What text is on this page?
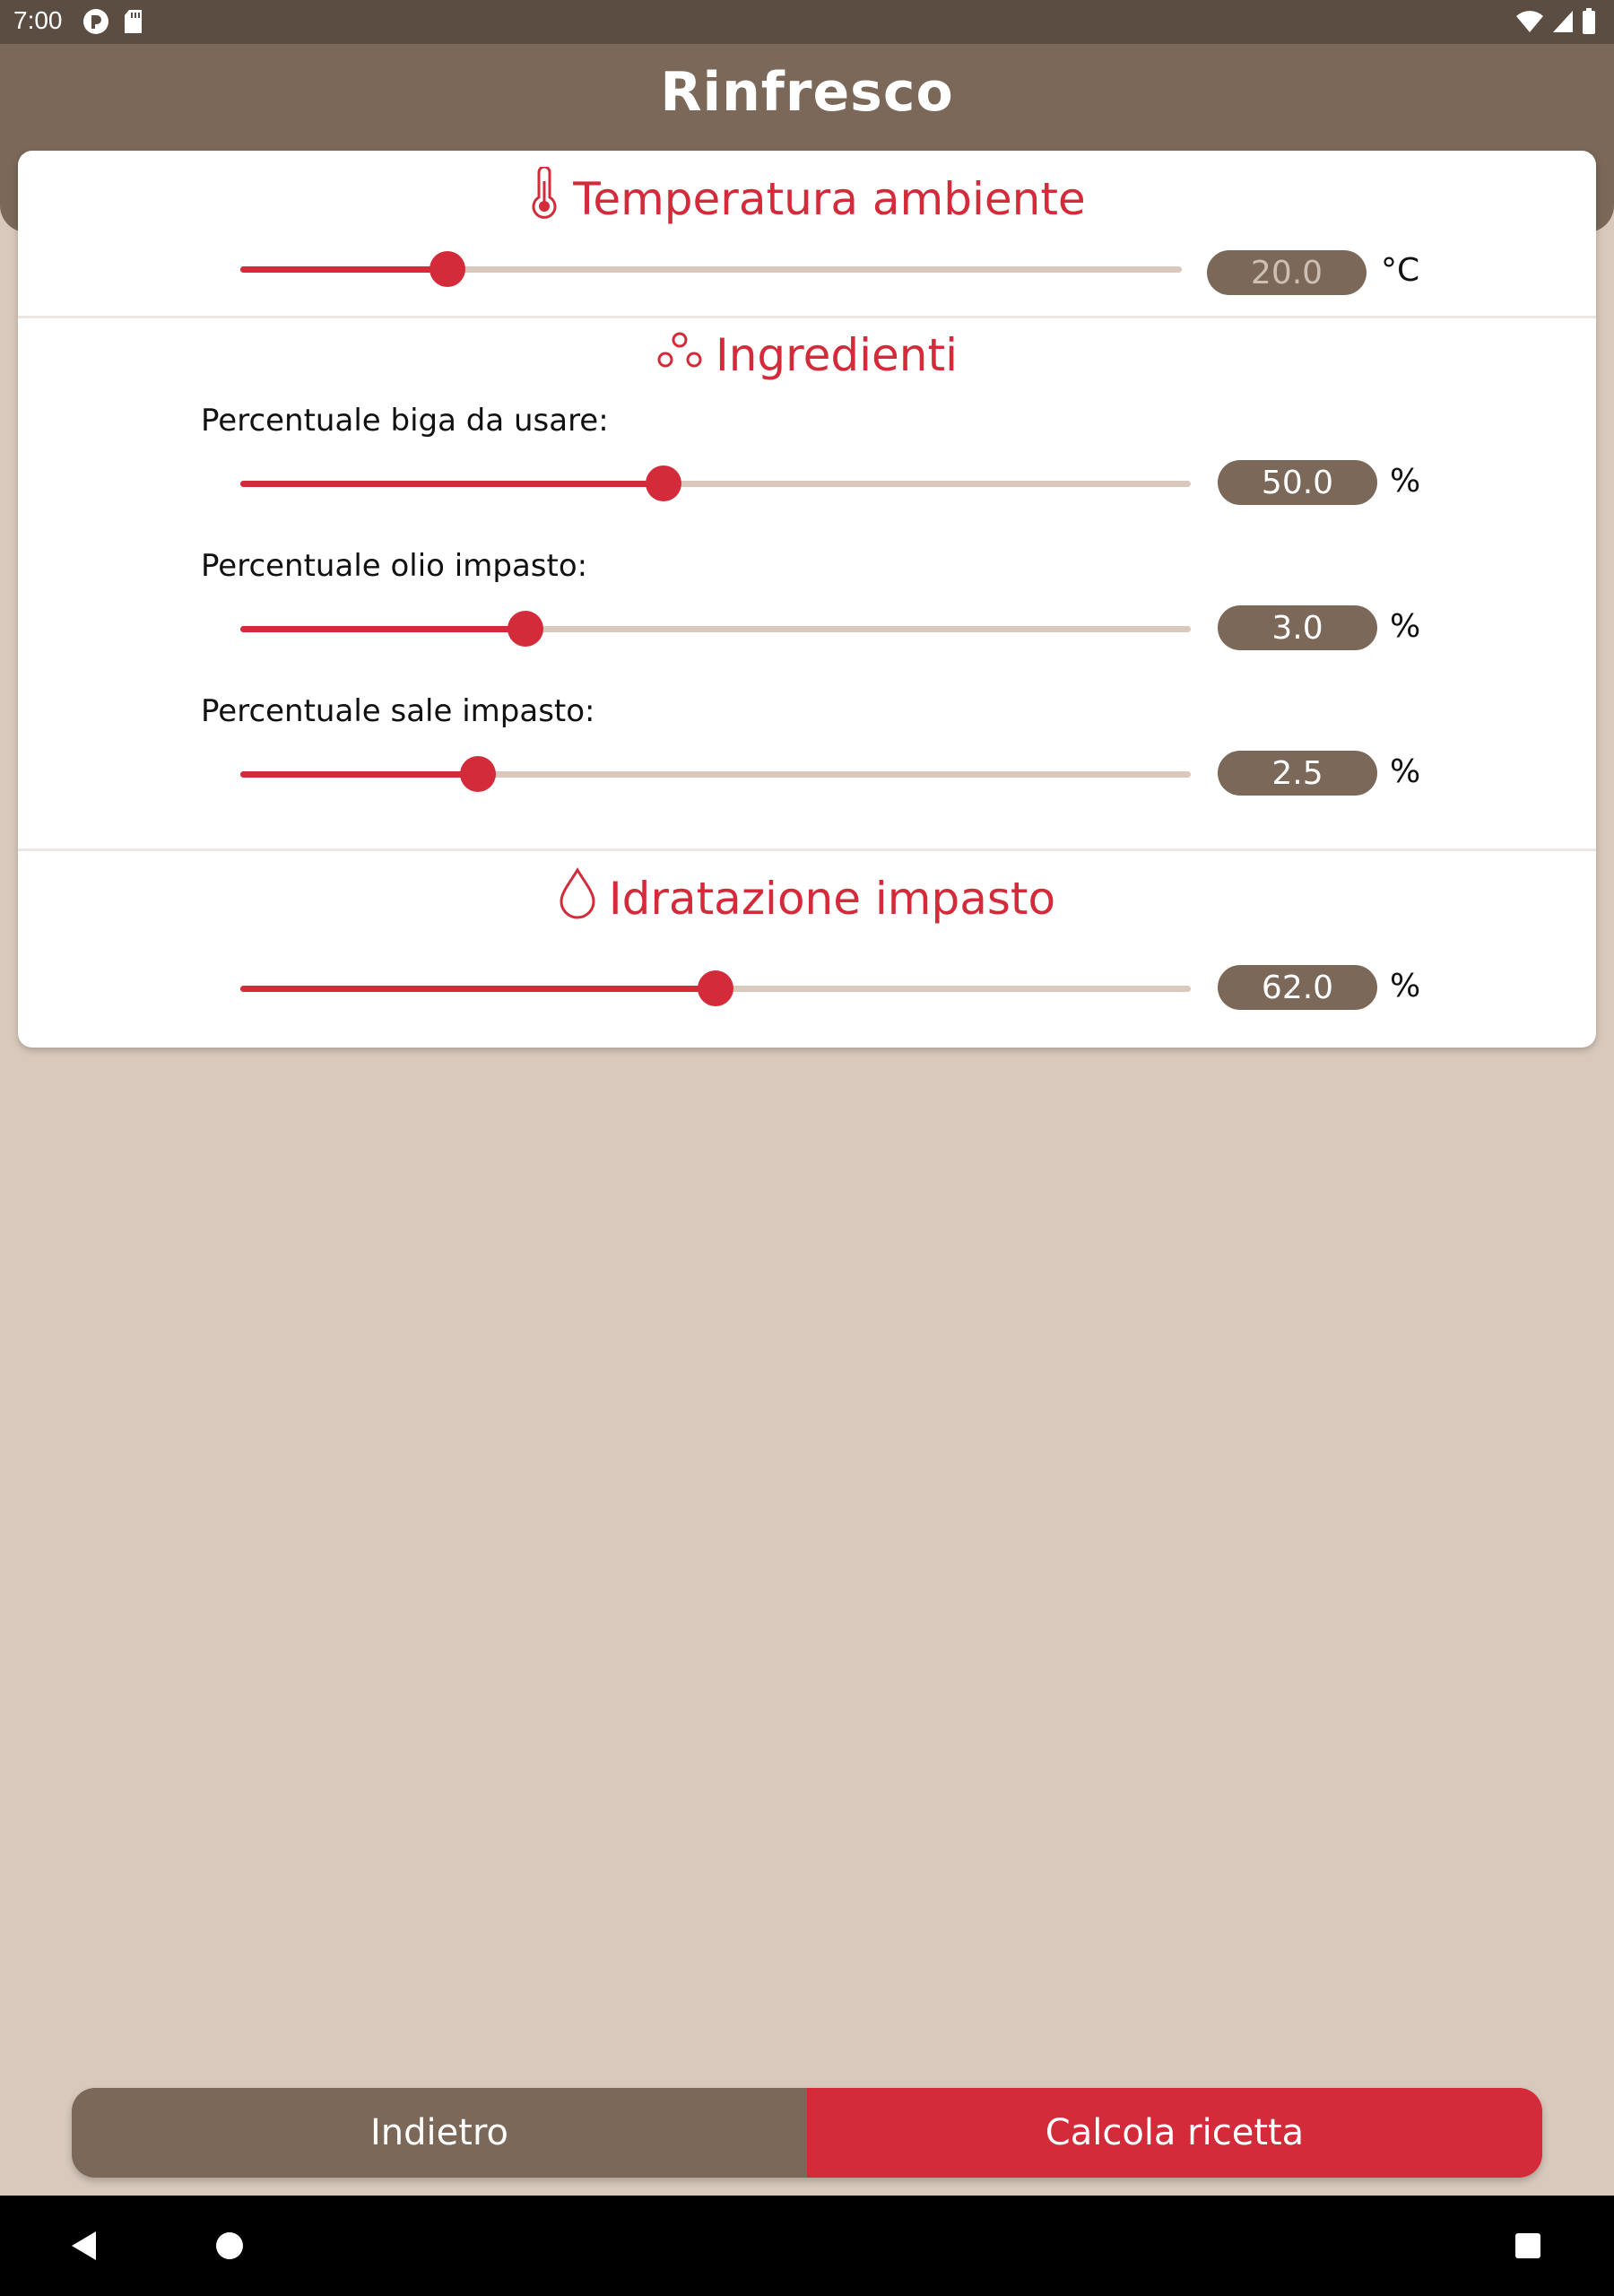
7:00
Rinfresco
Temperatura ambiente
20.0	°C
Ingredienti
Percentuale biga da usare:
50.0	%
Percentuale olio impasto:
3.0	%
Percentuale sale impasto:
2.5	%
Idratazione impasto
62.0	%
Indietro	Calcola ricetta
